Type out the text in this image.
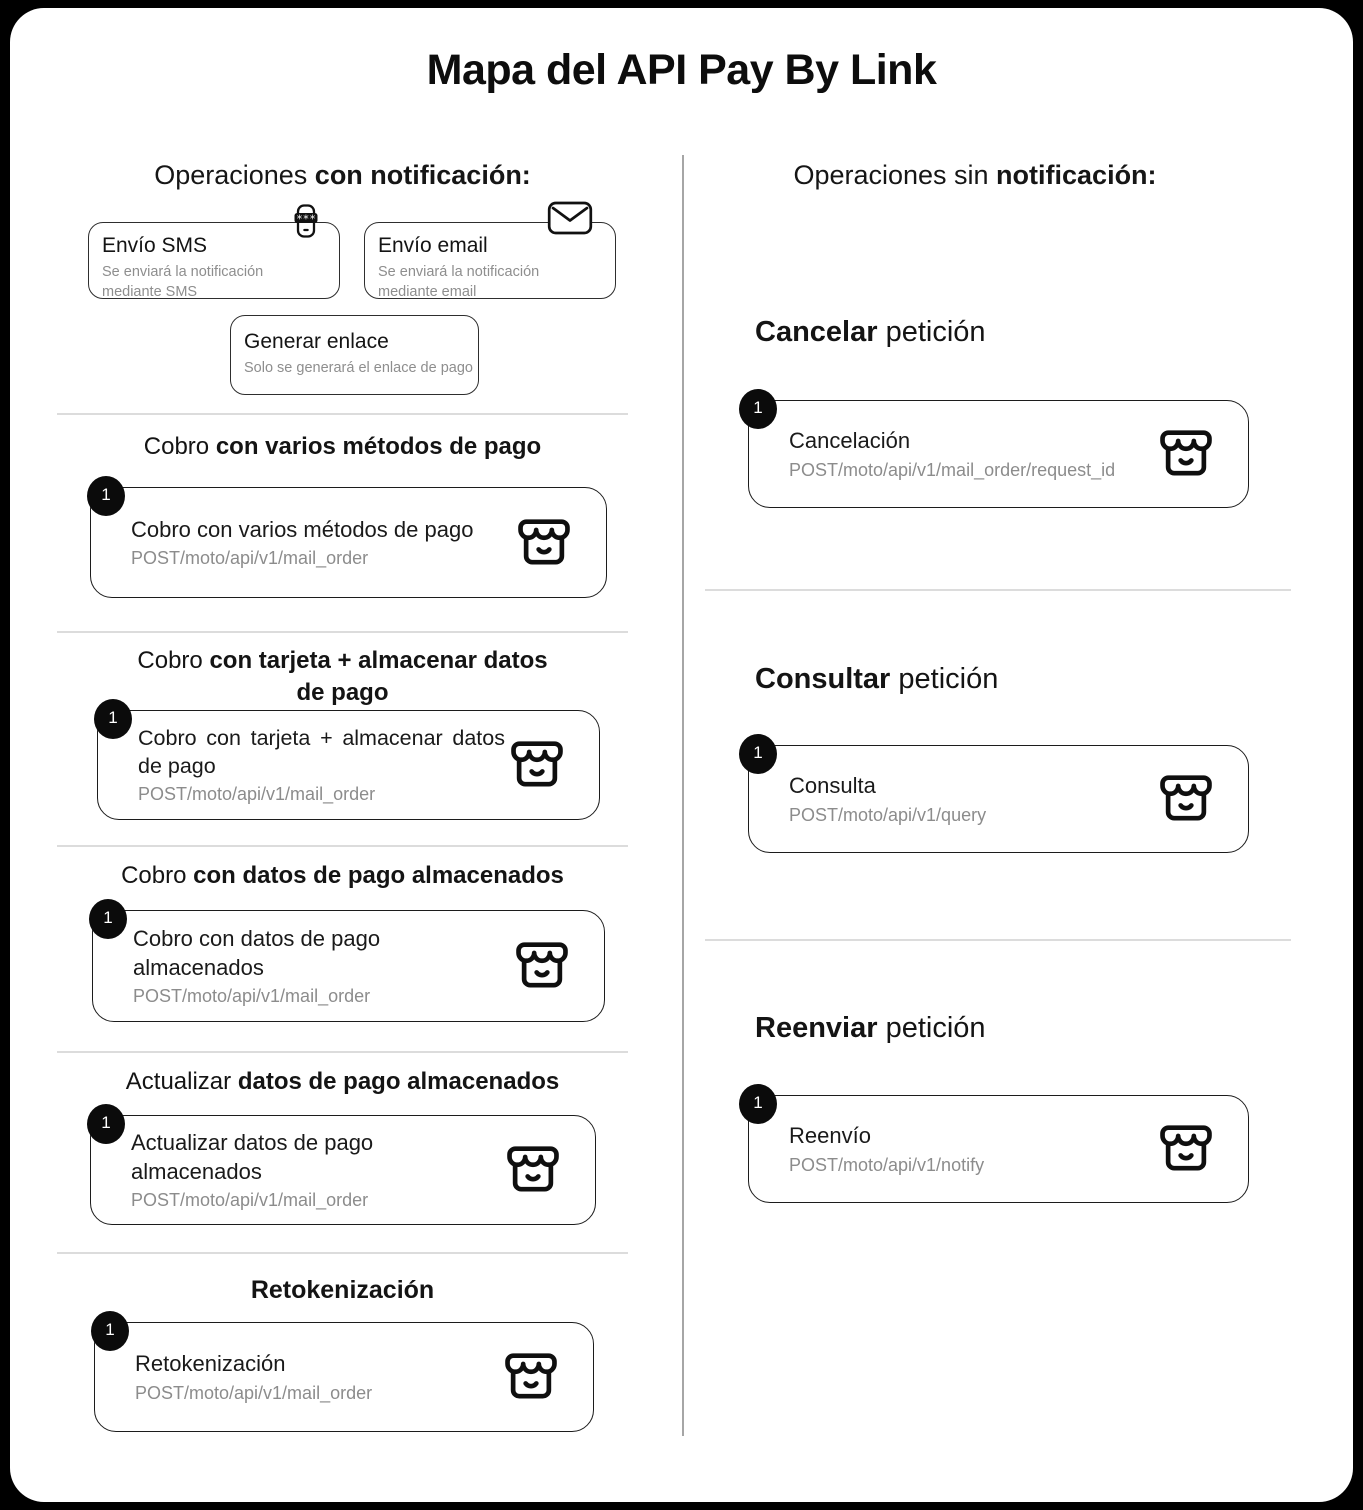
Mapa del API Pay By Link
Operaciones con notificación:
***
Envío SMS
Se enviará la notificación mediante SMS
Envío email
Se enviará la notificación mediante email
Generar enlace
Solo se generará el enlace de pago
Cobro con varios métodos de pago
1
Cobro con varios métodos de pago
POST/moto/api/v1/mail_order
Cobro con tarjeta + almacenar datos de pago
1
Cobro con tarjeta + almacenar datos de pago
POST/moto/api/v1/mail_order
Cobro con datos de pago almacenados
1
Cobro con datos de pago almacenados
POST/moto/api/v1/mail_order
Actualizar datos de pago almacenados
1
Actualizar datos de pago almacenados
POST/moto/api/v1/mail_order
Retokenización
1
Retokenización
POST/moto/api/v1/mail_order
Operaciones sin notificación:
Cancelar petición
1
Cancelación
POST/moto/api/v1/mail_order/request_id
Consultar petición
1
Consulta
POST/moto/api/v1/query
Reenviar petición
1
Reenvío
POST/moto/api/v1/notify
